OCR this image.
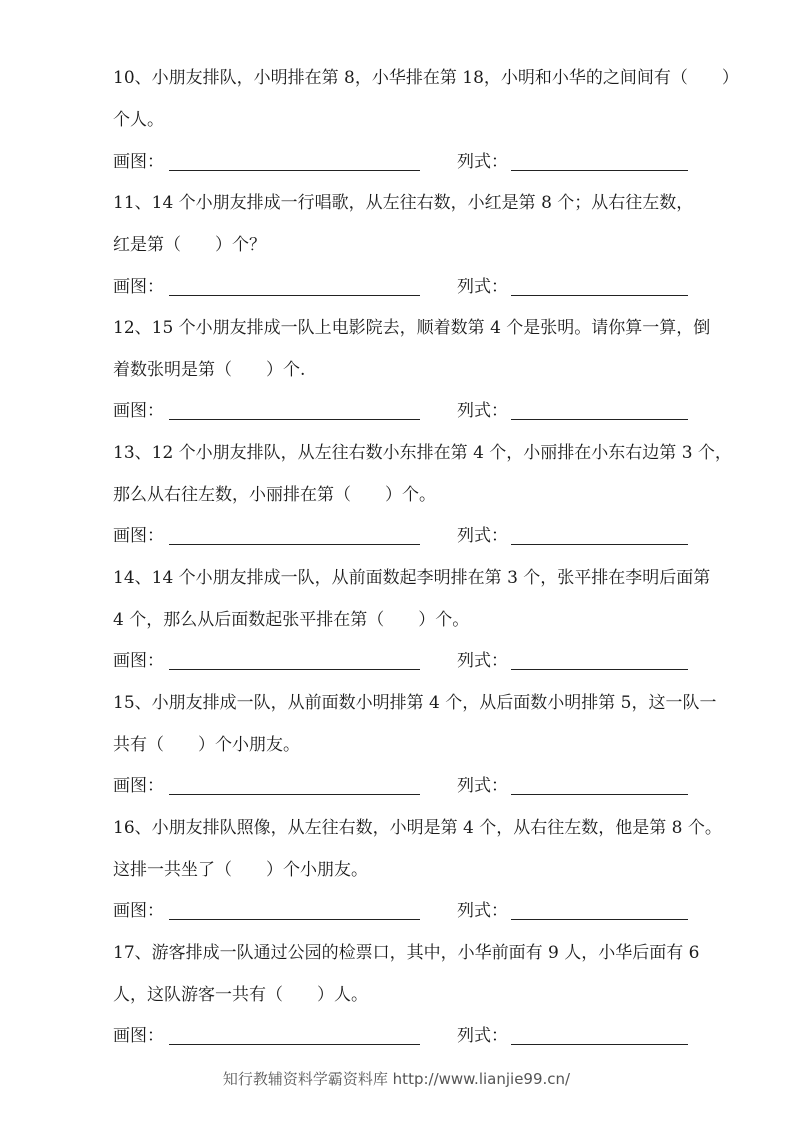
10、小朋友排队，小明排在第 8，小华排在第 18，小明和小华的之间间有（　　）
个人。
画图：	列式：
11、14 个小朋友排成一行唱歌，从左往右数，小红是第 8 个；从右往左数，
红是第（　　）个？
画图：	列式：
12、15 个小朋友排成一队上电影院去，顺着数第 4 个是张明。请你算一算，倒
着数张明是第（　　）个.
画图：	列式：
13、12 个小朋友排队，从左往右数小东排在第 4 个，小丽排在小东右边第 3 个，
那么从右往左数，小丽排在第（　　）个。
画图：	列式：
14、14 个小朋友排成一队，从前面数起李明排在第 3 个，张平排在李明后面第
4 个，那么从后面数起张平排在第（　　）个。
画图：	列式：
15、小朋友排成一队，从前面数小明排第 4 个，从后面数小明排第 5，这一队一
共有（　　）个小朋友。
画图：	列式：
16、小朋友排队照像，从左往右数，小明是第 4 个，从右往左数，他是第 8 个。
这排一共坐了（　　）个小朋友。
画图：	列式：
17、游客排成一队通过公园的检票口，其中，小华前面有 9 人，小华后面有 6
人，这队游客一共有（　　）人。
画图：	列式：
知行教辅资料学霸资料库 http://www.lianjie99.cn/
